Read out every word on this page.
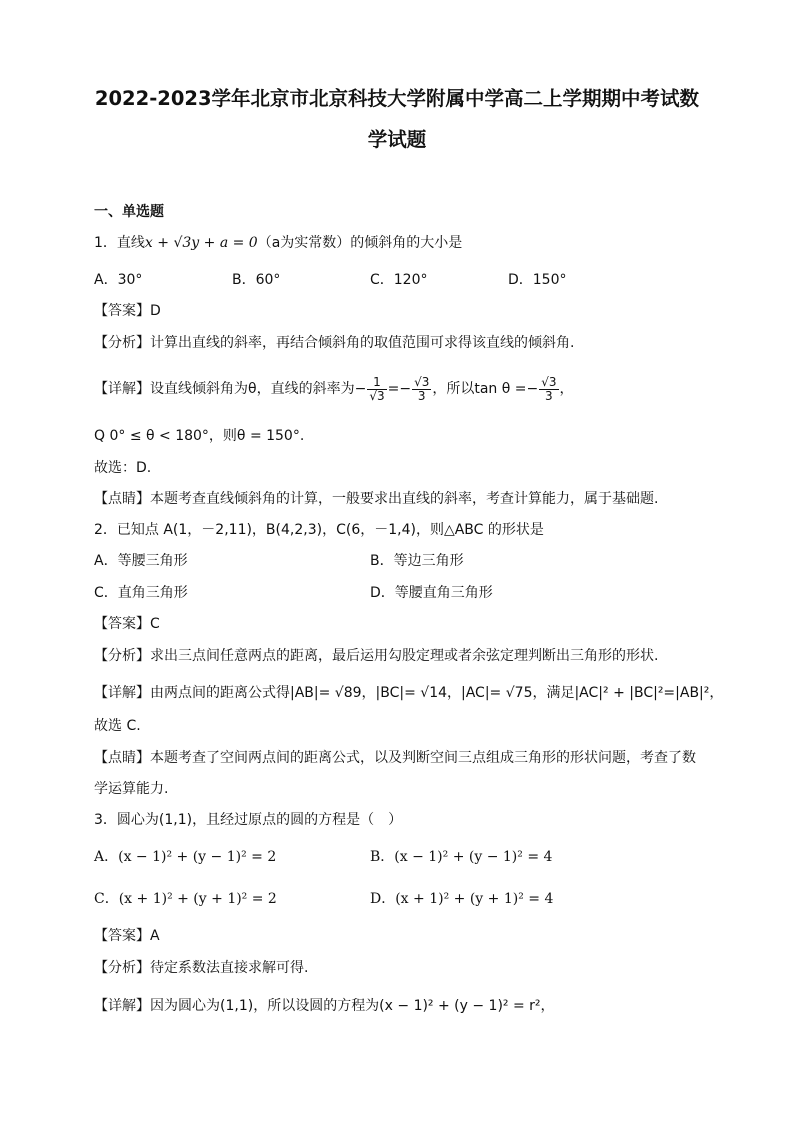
2022-2023学年北京市北京科技大学附属中学高二上学期期中考试数
学试题
一、单选题
1．直线x + √3y + a = 0（a为实常数）的倾斜角的大小是
A．30°	B．60°	C．120°	D．150°
【答案】D
【分析】计算出直线的斜率，再结合倾斜角的取值范围可求得该直线的倾斜角.
【详解】设直线倾斜角为θ，直线的斜率为− $\frac{1}{√3} =- \frac{√3}{3}$ ，所以$\tan \theta =- \frac{√3}{3}$ ，
Q 0° ≤ θ < 180°，则θ = 150°.
故选：D.
【点睛】本题考查直线倾斜角的计算，一般要求出直线的斜率，考查计算能力，属于基础题.
2．已知点 A(1，－2,11)，B(4,2,3)，C(6，－1,4)，则△ABC 的形状是
A．等腰三角形	B．等边三角形
C．直角三角形	D．等腰直角三角形
【答案】C
【分析】求出三点间任意两点的距离，最后运用勾股定理或者余弦定理判断出三角形的形状.
【详解】由两点间的距离公式得|AB|= √89，|BC|= √14，|AC|= √75，满足|AC|² + |BC|²=|AB|²，
故选 C.
【点睛】本题考查了空间两点间的距离公式，以及判断空间三点组成三角形的形状问题，考查了数
学运算能力.
3．圆心为(1,1)，且经过原点的圆的方程是（　）
A．(x − 1)² + (y − 1)² = 2	B．(x − 1)² + (y − 1)² = 4
C．(x + 1)² + (y + 1)² = 2	D．(x + 1)² + (y + 1)² = 4
【答案】A
【分析】待定系数法直接求解可得.
【详解】因为圆心为(1,1)，所以设圆的方程为(x − 1)² + (y − 1)² = r²，
